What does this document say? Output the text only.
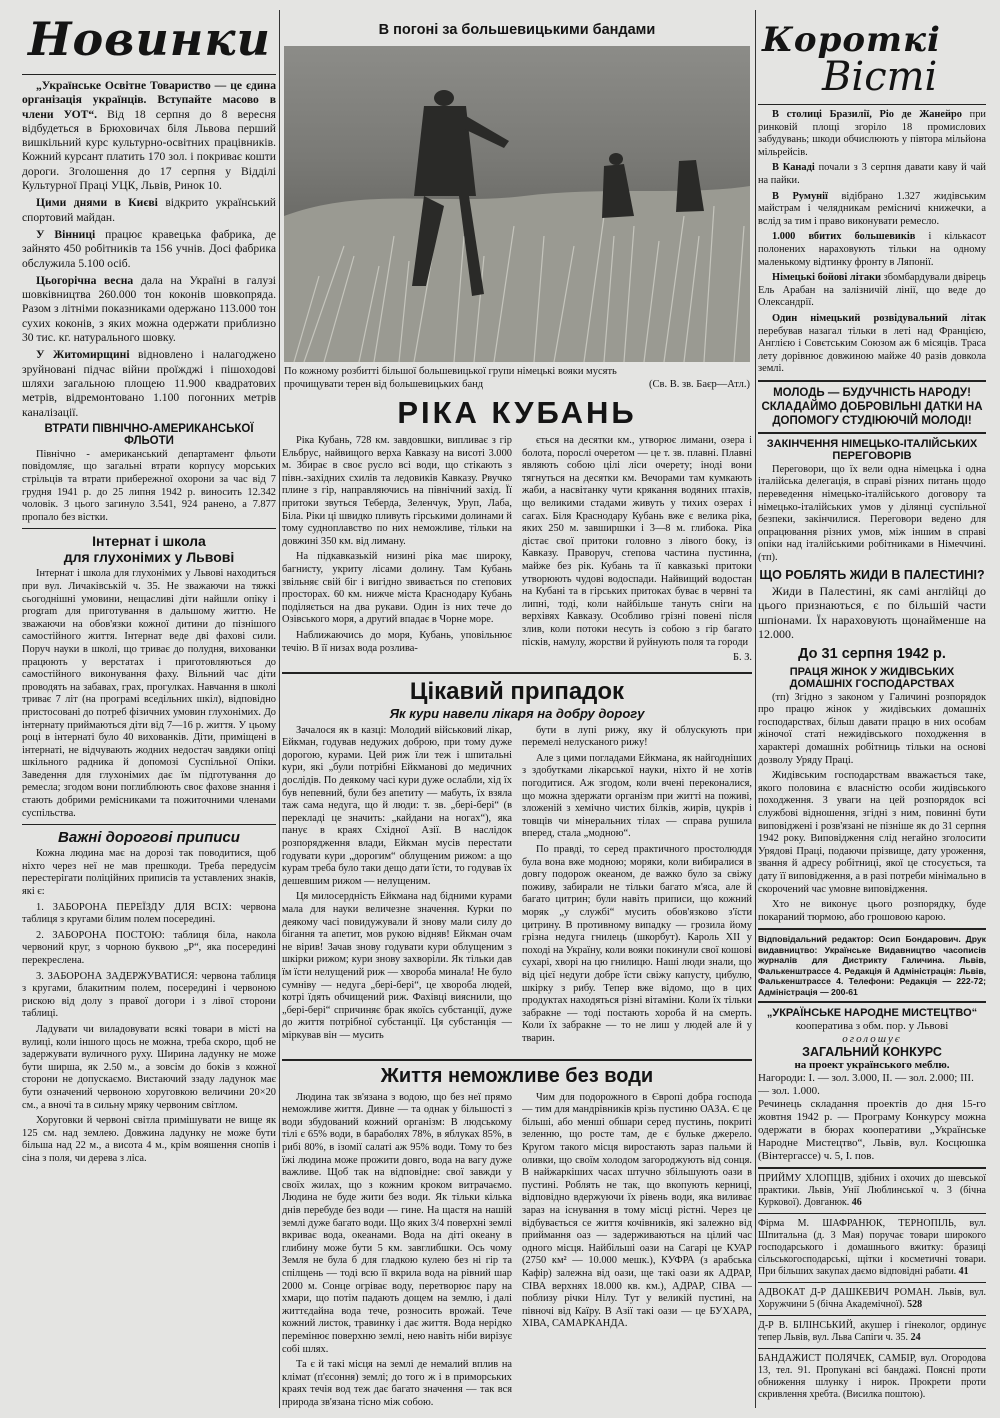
Новинки

„Українське Освітне Товариство — це єдина організація українців. Вступайте масово в члени УОТ“. Від 18 серпня до 8 вересня відбудеться в Брюховичах біля Львова перший вишкільний курс культурно-освітних працівників. Кожний курсант платить 170 зол. і покриває кошти дороги. Зголошення до 17 серпня у Відділі Культурної Праці УЦК, Львів, Ринок 10.

Цими днями в Києві відкрито український спортовий майдан.

У Вінниці працює кравецька фабрика, де зайнято 450 робітників та 156 учнів. Досі фабрика обслужила 5.100 осіб.

Цьогорічна весна дала на Україні в галузі шовківництва 260.000 тон коконів шовкопряда. Разом з літніми показниками одержано 113.000 тон сухих коконів, з яких можна одержати приблизно 30 тис. кг. натурального шовку.

У Житомирщині відновлено і налагоджено зруйновані підчас війни проїжджі і пішоходові шляхи загальною площею 11.900 квадратових метрів, відремонтовано 1.100 погонних метрів каналізації.

ВТРАТИ ПІВНІЧНО-АМЕРИКАНСЬКОЇ ФЛЬОТИ

Північно - американський департамент фльоти повідомляє, що загальні втрати корпусу морських стрільців та втрати прибережної охорони за час від 7 грудня 1941 р. до 25 липня 1942 р. виносить 12.342 чоловік. З цього загинуло 3.541, 924 ранено, а 7.877 пропало без вістки.

Інтернат і школа
для глухонімих у Львові

Інтернат і школа для глухонімих у Львові находиться при вул. Личаківській ч. 35. Не зважаючи на тяжкі сьогоднішні умовини, нещасливі діти найшли опіку і program для приготування в дальшому життю. Не зважаючи на обов'язки кожної дитини до пізнішого самостійного життя. Інтернат веде дві фахові сили. Поруч науки в школі, що триває до полудня, вихованки працюють у верстатах і приготовляються до самостійного виконування фаху. Вільний час діти проводять на забавах, грах, прогулках. Навчання в школі триває 7 літ (на програмі вседільних шкіл), відповідно пристосовані до потреб фізичних умовин глухонімих. До інтернату приймаються діти від 7—16 р. життя. У цьому році в інтернаті було 40 вихованків. Діти, приміщені в інтернаті, не відчувають жодних недостач завдяки опіці шкільного радника й допомозі Суспільної Опіки. Заведення для глухонімих дає їм підготування до ремесла; згодом вони поглиблюють своє фахове знання і стають добрими ремісниками та пожиточними членами суспільства.

Важні дорогові приписи

Кожна людина має на дорозі так поводитися, щоб ніхто через неї не мав прешкоди. Треба передусім перестерігати поліційних приписів та уставлених знаків, які є:

1. ЗАБОРОНА ПЕРЕЇЗДУ ДЛЯ ВСІХ: червона таблиця з кругами білим полем посередині.

2. ЗАБОРОНА ПОСТОЮ: таблиця біла, накола червоний круг, з чорною буквою „Р“, яка посередині перекреслена.

3. ЗАБОРОНА ЗАДЕРЖУВАТИСЯ: червона таблиця з кругами, блакитним полем, посередині і червоною рискою від долу з правої догори і з лівої сторони таблиці.

Ладувати чи виладовувати всякі товари в місті на вулиці, коли іншого щось не можна, треба скоро, щоб не задержувати вуличного руху. Ширина ладунку не може бути ширша, як 2.50 м., а зовсім до боків з кожної сторони не допускаємо. Вистаючий ззаду ладунок має бути означений червоною хоруговкою величини 20×20 см., а вночі та в сильну мряку червоним світлом.

Хоруговки й червоні світла примішувати не вище як 125 см. над землею. Довжина ладунку не може бути більша над 22 м., а висота 4 м., крім вояшення снопів і сіна з поля, чи дерева з ліса.

В погоні за большевицькими бандами
По кожному розбитті більшої большевицької групи німецькі вояки мусять прочищувати терен від большевицьких банд	(Св. В. зв. Баєр—Атл.)
РІКА КУБАНЬ

Ріка Кубань, 728 км. завдовшки, випливає з гір Ельбрус, найвищого верха Кавказу на висоті 3.000 м. Збирає в своє русло всі води, що стікають з півн.-західних схилів та ледовиків Кавказу. Рвучко плине з гір, направляючись на північний захід. Її притоки звуться Теберда, Зеленчук, Уруп, Лаба, Біла. Ріки ці швидко пливуть гірськими долинами й тому судноплавство по них неможливе, тільки на довжині 350 км. від лиману.

На підкавказькій низині ріка має широку, багнисту, укриту лісами долину. Там Кубань звільняє свій біг і вигідно звивається по степових просторах. 60 км. нижче міста Краснодару Кубань поділяється на два рукави. Один із них тече до Озівського моря, а другий впадає в Чорне море.

Наближаючись до моря, Кубань, уповільнює течію. В її низах вода розлива-

ється на десятки км., утворює лимани, озера і болота, порослі очеретом — це т. зв. плавні. Плавні являють собою цілі ліси очерету; іноді вони тягнуться на десятки км. Вечорами там кумкають жаби, а насвітанку чути крякання водяних птахів, що великими стадами живуть у тихих озерах і сагах. Біля Краснодару Кубань вже є велика ріка, яких 250 м. завширшки і 3—8 м. глибока. Ріка дістає свої притоки головно з лівого боку, із Кавказу. Праворуч, степова частина пустинна, майже без рік. Кубань та її кавказькі притоки утворюють чудові водоспади. Найвищий водостан на Кубані та в гірських притоках буває в червні та липні, тоді, коли найбільше тануть сніги на верхівях Кавказу. Особливо грізні повені після злив, коли потоки несуть із собою з гір багато пісків, намулу, жорстви й руйнують поля та городи

Б. З.

Цікавий припадок
Як кури навели лікаря на добру дорогу

Зачалося як в казці: Молодий військовий лікар, Ейкман, годував недужих доброю, при тому дуже дорогою, курами. Цей риж їли теж і шпитальні кури, які „були потрібні Ейкманові до медичних дослідів. По деякому часі кури дуже ослабли, хід їх був непевний, були без апетиту — мабуть, їх взяла таж сама недуга, що й люди: т. зв. „бері-бері“ (в перекладі це значить: „кайдани на ногах“), яка панує в краях Східної Азії. В наслідок розпорядження влади, Ейкман мусів перестати годувати кури „дорогим“ облущеним рижом: а що курам треба було таки дещо дати їсти, то годував їх дешевшим рижом — нелущеним.

Ця милосердність Ейкмана над бідними курами мала для науки величезне значення. Курки по деякому часі повидужували й знову мали силу до бігання та апетит, мов рукою відняв! Ейкман очам не вірив! Зачав знову годувати кури облущеним з шкірки рижом; кури знову захворіли. Як тільки дав їм їсти нелущений риж — хвороба минала! Не було сумніву — недуга „бері-бері“, це хвороба людей, котрі їдять обчищений риж. Фахівці вияснили, що „бері-бері“ спричиняє брак якоїсь субстанції, дуже до життя потрібної субстанції. Ця субстанція — міркував він — мусить

бути в лупі рижу, яку й облускують при перемелі нелусканого рижу!

Але з цими погладами Ейкмана, як найгодніших з здобутками лікарської науки, ніхто й не хотів погодитися. Аж згодом, коли вчені переконалися, що можна здержати організм при житті на поживі, зложеній з хемічно чистих білків, жирів, цукрів і товщів чи мінеральних тілах — справа рушила вперед, стала „модною“.

По правді, то серед практичного простолюддя була вона вже модною; моряки, коли вибиралися в довгу подорож океаном, де важко було за свіжу поживу, забирали не тільки багато м'яса, але й багато цитрин; були навіть приписи, що кожний моряк „у службі“ мусить обов'язково з'їсти цитрину. В противному випадку — грозила йому грізна недуга гнилець (шкорбут). Кароль XII у поході на Україну, коли вояки покинули свої кошові сухарі, хворі на цю гнилицю. Наші люди знали, що від цієї недуги добре їсти свіжу капусту, цибулю, шкірку з рибу. Тепер вже відомо, що в цих продуктах находяться різні вітаміни. Коли їх тільки забракне — тоді постають хороба й на смерть. Коли їх забракне — то не лиш у людей але й у тварин.

Життя неможливе без води

Людина так зв'язана з водою, що без неї прямо неможливе життя. Дивне — та однак у більшості з води збудований кожний організм: В людському тілі є 65% води, в бараболях 78%, в яблуках 85%, в рибі 80%, в ізомії салаті аж 95% води. Тому то без їжі людина може прожити довго, вода на вагу дуже важливе. Щоб так на відповідне: свої завжди у своїх жилах, що з кожним кроком витрачаємо. Людина не буде жити без води. Як тільки кілька днів перебуде без води — гине. На щастя на нашій землі дуже багато води. Що яких 3/4 поверхні землі вкриває вода, океанами. Вода на діті океану в глибину може бути 5 км. завглибшки. Ось чому Земля не була б для гладкою кулею без ні гір та спілщень — тоді всю її вкрила вода на рівний шар 2000 м. Сонце огріває воду, перетворює пару на хмари, що потім падають дощем на землю, і далі життєдайна вода тече, розносить врожай. Тече кожний листок, травинку і дає життя. Вода нерідко перемінює поверхню землі, нею навіть ніби вирізує собі шлях.

Та є й такі місця на землі де немалий вплив на клімат (п'єсоння) землі; до того ж і в приморських краях течія вод теж дає багато значення — так вся природа зв'язана тісно між собою.

Чим для подорожного в Європі добра господа — тим для мандрівників крізь пустиню ОАЗА. Є це більші, або менші обшари серед пустинь, покриті зеленню, що росте там, де є бульке джерело. Кругом такого місця виростають зараз пальми й оливки, що своїм холодом загороджують від сонця. В найжаркіших часах штучно збільшують оази в пустині. Роблять не так, що вкопують керниці, відповідно вдержуючи їх рівень води, яка виливає зараз на існування в тому місці рістні. Через це відбувається се життя кочівників, які залежно від приймання оаз — задерживаються на цілий час одного місця. Найбільші оази на Сагарі це КУАР (2750 км² — 10.000 мешк.), КУФРА (з арабська Кафір) залежна від оази, ще такі оази як АДРАР, СІВА верхнях 18.000 кв. км.), АДРАР, СІВА — поблизу річки Нілу. Тут у великій пустині, на півночі від Каїру. В Азії такі оази — це БУХАРА, ХІВА, САМАРКАНДА.

Короткі
Вісті

В столиці Бразилії, Ріо де Жанейро при ринковій площі згоріло 18 промислових забудувань; шкоди обчислюють у півтора мільйона мільрейсів.

В Канаді почали з 3 серпня давати каву й чай на пайки.

В Румунії відібрано 1.327 жидівським майстрам і челядникам ремісничі книжечки, а вслід за тим і право виконувати ремесло.

1.000 вбитих большевиків і кількасот полонених нараховують тільки на одному маленькому відтинку фронту в Ляпонії.

Німецькі бойові літаки збомбардували двірець Ель Арабан на залізничій лінії, що веде до Олександрії.

Один німецький розвідувальний літак перебував назагал тільки в леті над Францією, Англією і Совєтським Союзом аж 6 місяців. Траса лету дорівнює довжиною майже 40 разів довкола землі.

МОЛОДЬ — БУДУЧНІСТЬ НАРОДУ! СКЛАДАЙМО ДОБРОВІЛЬНІ ДАТКИ НА ДОПОМОГУ СТУДІЮЮЧІЙ МОЛОДІ!
ЗАКІНЧЕННЯ НІМЕЦЬКО-ІТАЛІЙСЬКИХ ПЕРЕГОВОРІВ

Переговори, що їх вели одна німецька і одна італійська делегація, в справі різних питань щодо переведення німецько-італійського договору та німецько-італійських умов у ділянці суспільної безпеки, закінчилися. Переговори ведено для опрацювання різних умов, між іншим в справі опіки над італійськими робітниками в Німеччині. (тп).

ЩО РОБЛЯТЬ ЖИДИ В ПАЛЕСТИНІ?

Жиди в Палестині, як самі англійці до цього признаються, є по більшій части шпіонами. Їх нараховують щонайменше на 12.000.

До 31 серпня 1942 р.
ПРАЦЯ ЖІНОК У ЖИДІВСЬКИХ ДОМАШНІХ ГОСПОДАРСТВАХ

(тп) Згідно з законом у Галичині розпорядок про працю жінок у жидівських домашніх господарствах, більш давати працю в них особам жіночої статі нежидівського походження в характері домашніх робітниць тільки на основі дозволу Уряду Праці.

Жидівським господарствам вважається таке, якого половина є власністю особи жидівського походження. З уваги на цей розпорядок всі службові відношення, згідні з ним, повинні бути виповіджені і розв'язані не пізніше як до 31 серпня 1942 року. Виповідження слід негайно зголосити Урядові Праці, подаючи прізвище, дату уроження, звання й адресу робітниці, якої це стосується, та дату її виповідження, а в разі потреби мінімально в скорочений час умовне виповідження.

Хто не виконує цього розпорядку, буде покараний тюрмою, або грошовою карою.

Відповідальний редактор: Осип Бондарович. Друк видавництво: Українське Видавництво часописів журналів для Дистрикту Галичина. Львів, Фалькенштрассе 4. Редакція й Адміністрація: Львів, Фалькенштрассе 4. Телефони: Редакція — 222-72; Адміністрація — 200-61
„УКРАЇНСЬКЕ НАРОДНЕ МИСТЕЦТВО“
кооператива з обм. пор. у Львові
оголошує
ЗАГАЛЬНИЙ КОНКУРС
на проект українського меблю.
Нагороди: I. — зол. 3.000, II. — зол. 2.000; III. — зол. 1.000.
Речинець складання проектів до дня 15-го жовтня 1942 р. — Програму Конкурсу можна одержати в бюрах кооперативи „Українське Народне Мистецтво“, Львів, вул. Косцюшка (Вінтергассе) ч. 5, I. пов.
ПРИЙМУ ХЛОПЦІВ, здібних і охочих до шевської практики. Львів, Унії Люблинської ч. 3 (бічна Куркової). Довганюк. 46
Фірма М. ШАФРАНЮК, ТЕРНОПІЛЬ, вул. Шпитальна (д. 3 Мая) поручає товари широкого господарського і домашнього вжитку: бразиці сільськогосподарські, щітки і косметичні товари. При більших закупах даємо відповідні рабати. 41
АДВОКАТ Д-Р ДАШКЕВИЧ РОМАН. Львів, вул. Хоружчини 5 (бічна Академічної). 528
Д-Р В. БІЛІНСЬКИЙ, акушер і гінеколог, ординує тепер Львів, вул. Льва Сапіги ч. 35. 24
БАНДАЖИСТ ПОЛЯЧЕК, САМБІР, вул. Огородова 13, тел. 91. Пропукані всі бандажі. Поясні проти обниження шлунку і нирок. Прокрети проти скривлення хребта. (Висилка поштою).
